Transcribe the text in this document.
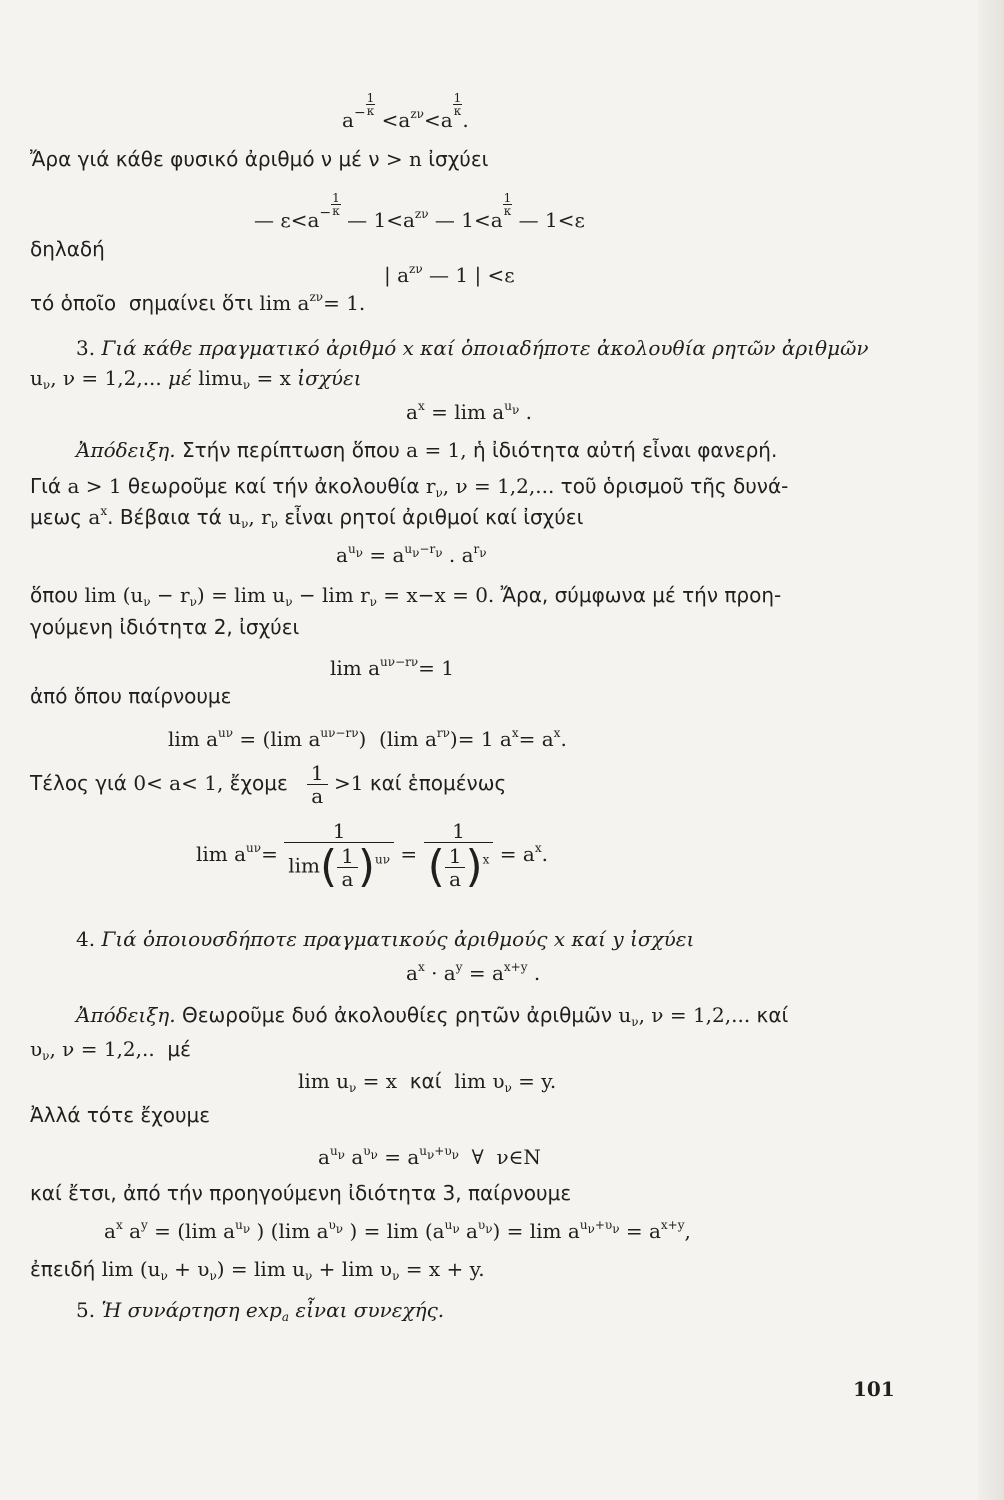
$a^- \frac{1}{\kappa}$
$<a^{z\nu}<a$
$\frac{1}{\kappa}$
.
Ἄρα γιά κάθε φυσικό ἀριθμό ν μέ ν > n ἰσχύει
— $\varepsilon<a^- \frac{1}{\kappa}$
— $1<a^{z\nu}$ — 1<a
$\frac{1}{\kappa}$
— 1<ε
δηλαδή
| $a^{z\nu}$ — 1 | <ε
τό ὁποῖο  σημαίνει ὅτι $\lim a^{z\nu}= 1$.
3. Γιά κάθε πραγματικό ἀριθμό x καί ὁποιαδήποτε ἀκολουθία ρητῶν ἀριθμῶν
$u_\nu$, ν = 1,2,... μέ limu$_\nu$ = x ἰσχύει
$a^x = \lim a^{u_\nu}$ .
Ἀπόδειξη. Στήν περίπτωση ὅπου a = 1, ἡ ἰδιότητα αὐτή εἶναι φανερή.
Γιά a > 1 θεωροῦμε καί τήν ἀκολουθία $r_\nu$, ν = 1,2,... τοῦ ὁρισμοῦ τῆς δυνά-
μεως $a^x$. Βέβαια τά $u_\nu$, $r_\nu$ εἶναι ρητοί ἀριθμοί καί ἰσχύει
$a^{u_\nu} = a^{u_\nu-r_\nu}$ . $a^{r_\nu}$
ὅπου $\lim (u_\nu - r_\nu) = \lim u_\nu - \lim r_\nu = x-x = 0$. Ἄρα, σύμφωνα μέ τήν προη-
γούμενη ἰδιότητα 2, ἰσχύει
$\lim a^{u\nu-r\nu}= 1$
ἀπό ὅπου παίρνουμε
$\lim a^{u\nu} = (\lim$ $a^{u\nu-r\nu}$)  (lim $a^{r\nu})= 1$ $a^x= a^x$.
Τέλος γιά 0< a< 1, ἔχομε $\frac{1}{a} >1$ καί ἑπομένως
$\lim a^{u\nu}= \frac{1}{\lim( \frac{1}{a} )^{u\nu}} = \frac{1}{( \frac{1}{a} )^x} = a^x$.
4. Γιά ὁποιουσδήποτε πραγματικούς ἀριθμούς x καί y ἰσχύει
$a^x \cdot a^y = a^{x+y}$ .
Ἀπόδειξη. Θεωροῦμε δυό ἀκολουθίες ρητῶν ἀριθμῶν $u_\nu$, ν = 1,2,... καί
$\upsilon_\nu$, ν = 1,2,..  μέ
$\lim u_\nu = x$  καί  $\lim \upsilon_\nu = y$.
Ἀλλά τότε ἔχουμε
$a^{u_\nu}$ $a^{\upsilon_\nu} = a^{u_\nu+\upsilon_\nu}$  ∀  ν∈N
καί ἔτσι, ἀπό τήν προηγούμενη ἰδιότητα 3, παίρνουμε
$a^x$ $a^y = (\lim$ $a^{u_\nu}$ ) (lim $a^{\upsilon_\nu}$ ) = $\lim (a^{u_\nu}$ $a^{\upsilon_\nu}) = \lim a^{u_\nu+\upsilon_\nu} = a^{x+y}$,
ἐπειδή $\lim (u_\nu + \upsilon_\nu) = \lim u_\nu + \lim \upsilon_\nu = x + y$.
5. Ἡ συνάρτηση $\exp_a$ εἶναι συνεχής.
101
